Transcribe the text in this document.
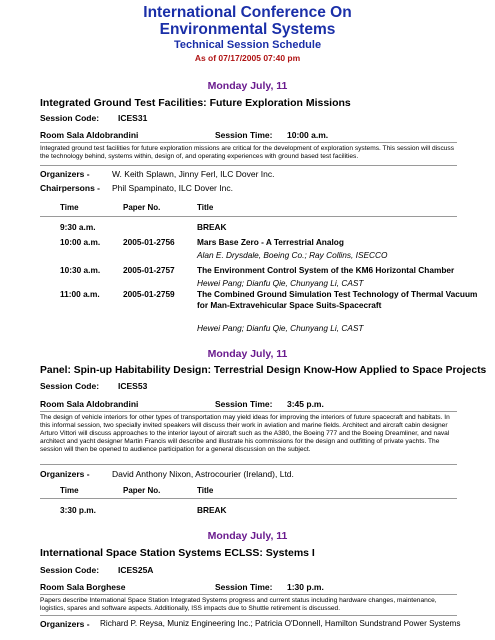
International Conference On
Environmental Systems
Technical Session Schedule
As of 07/17/2005 07:40 pm
Monday July, 11
Integrated Ground Test Facilities: Future Exploration Missions
Session Code: ICES31
Room Sala Aldobrandini	Session Time: 10:00 a.m.
Integrated ground test facilities for future exploration missions are critical for the development of exploration systems. This session will discuss the technology behind, systems within, design of, and operating experiences with ground based test facilities.
Organizers -	W. Keith Splawn, Jinny Ferl, ILC Dover Inc.
Chairpersons - Phil Spampinato, ILC Dover Inc.
Time	Paper No.	Title
9:30 a.m.	BREAK
10:00 a.m.	2005-01-2756	Mars Base Zero - A Terrestrial Analog
Alan E. Drysdale, Boeing Co.; Ray Collins, ISECCO
10:30 a.m.	2005-01-2757	The Environment Control System of the KM6 Horizontal Chamber
Hewei Pang; Dianfu Qie, Chunyang Li, CAST
11:00 a.m.	2005-01-2759	The Combined Ground Simulation Test Technology of Thermal Vacuum
for Man-Extravehicular Space Suits-Spacecraft
Hewei Pang; Dianfu Qie, Chunyang Li, CAST
Monday July, 11
Panel: Spin-up Habitability Design: Terrestrial Design Know-How Applied to Space Projects
Session Code: ICES53
Room Sala Aldobrandini	Session Time: 3:45 p.m.
The design of vehicle interiors for other types of transportation may yield ideas for improving the interiors of future spacecraft and habitats. In this informal session, two specially invited speakers will discuss their work in aviation and marine fields. Architect and aircraft cabin designer Arturo Vittori will discuss approaches to the interior layout of aircraft such as the A380, the Boeing 777 and the Boeing Dreamliner, and naval architect and yacht designer Martin Francis will describe and illustrate his commissions for the design and outfitting of private yachts. The session will then be opened to audience participation for a general discussion on the subject.
Organizers -	David Anthony Nixon, Astrocourier (Ireland), Ltd.
Time	Paper No.	Title
3:30 p.m.	BREAK
Monday July, 11
International Space Station Systems ECLSS: Systems I
Session Code: ICES25A
Room Sala Borghese	Session Time: 1:30 p.m.
Papers describe International Space Station Integrated Systems progress and current status including hardware changes, maintenance, logistics, spares and software aspects. Additionally, ISS impacts due to Shuttle retirement is discussed.
Organizers - Richard P. Reysa, Muniz Engineering Inc.; Patricia O'Donnell, Hamilton Sundstrand Power Systems
